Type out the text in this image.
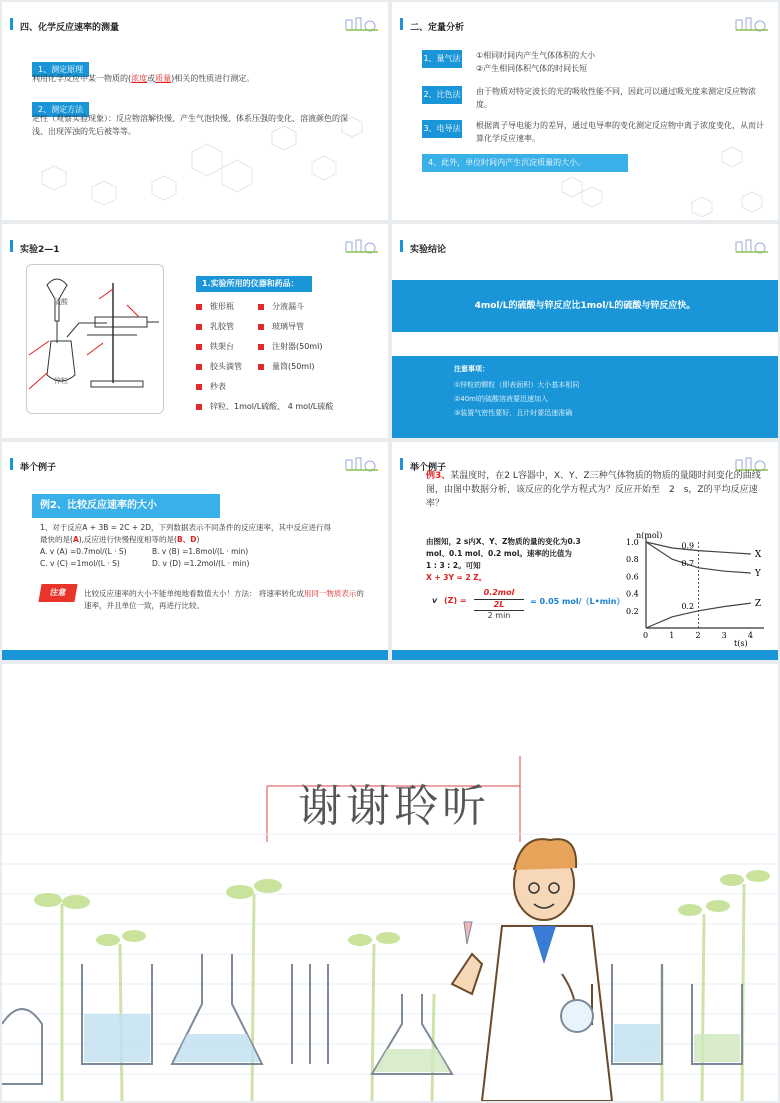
四、化学反应速率的测量
1、测定原理
利用化学反应中某一物质的(浓度或质量)相关的性质进行测定。
2、测定方法
定性（观察实验现象）：反应物溶解快慢、产生气泡快慢、体系压强的变化、溶液颜色的深浅、出现浑浊的先后被等等。
二、定量分析
1、量气法 ①相同时间内产生气体体积的大小
②产生相同体积气体的时间长短
2、比色法 由于物质对特定波长的光的吸收性能不同，因此可以通过吸光度来测定反应物浓度。
3、电导法 根据离子导电能力的差异，通过电导率的变化测定反应物中离子浓度变化，从而计算化学反应速率。
4、此外，单位时间内产生沉淀质量的大小。
实验2—1
硫酸
锌粒
1.实验所用的仪器和药品：
锥形瓶	分液漏斗
乳胶管	玻璃导管
铁架台	注射器(50ml)
胶头滴管	量筒(50ml)
秒表
锌粒、1mol/L硫酸、 4 mol/L硫酸
实验结论
4mol/L的硫酸与锌反应比1mol/L的硫酸与锌反应快。
注意事项：
①锌粒的颗粒（即表面积）大小基本相同
②40ml的硫酸溶液要迅速加入
③装置气密性要好，且计时要迅速准确
举个例子
例2、比较反应速率的大小
1、对于反应A + 3B = 2C + 2D，下列数据表示不同条件的反应速率，其中反应进行得
最快的是(A),反应进行快慢程度相等的是(B、D)
A. v (A) =0.7mol/(L · S)	B. v (B) =1.8mol/(L · min)
C. v (C) =1mol/(L · S)	D. v (D) =1.2mol/(L · min)
注意	比较反应速率的大小不能单纯地看数值大小！方法： 将速率转化成用同一物质表示的速率，并且单位一致，再进行比较。
举个例子
例3、某温度时，在2 L容器中，X、Y、Z三种气体物质的物质的量随时间变化的曲线图，由图中数据分析，该反应的化学方程式为？反应开始至　2　s，Z的平均反应速率？
由图知，2 s内X、Y、Z物质的量的变化为0.3
mol、0.1 mol、0.2 mol。速率的比值为
1 : 3 : 2。可知
X + 3Y = 2 Z。
v (Z) =
0.2mol
2L
2 min
= 0.05 mol/（L•min）
n(mol)
t(s)
0	1	2	3	4
0.2
0.4
0.6
0.8
1.0
X
Y
Z
0.9
0.7
0.2
谢谢聆听
